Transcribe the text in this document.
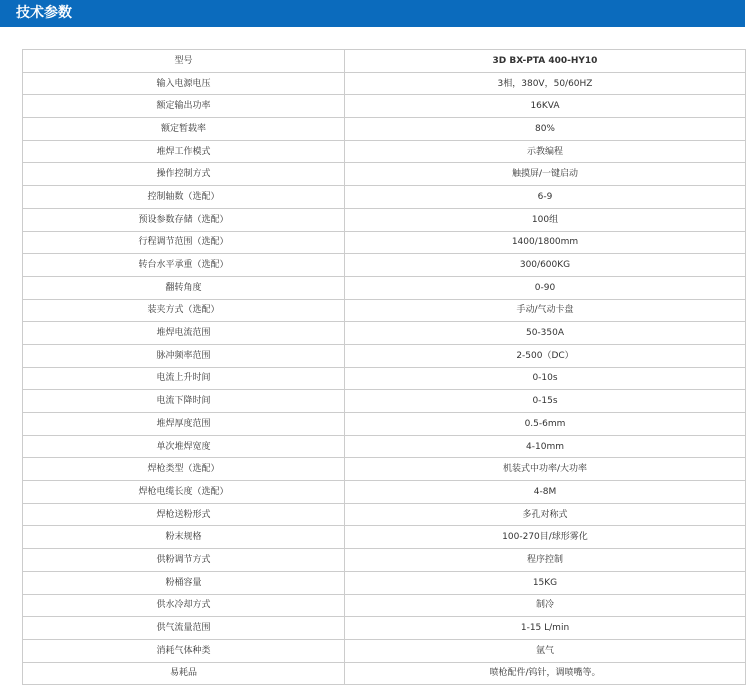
技术参数
型号	3D BX-PTA 400-HY10
输入电源电压	3相，380V，50/60HZ
额定输出功率	16KVA
额定暂载率	80%
堆焊工作模式	示教编程
操作控制方式	触摸屏/一键启动
控制轴数（选配）	6-9
预设参数存储（选配）	100组
行程调节范围（选配）	1400/1800mm
转台水平承重（选配）	300/600KG
翻转角度	0-90
装夹方式（选配）	手动/气动卡盘
堆焊电流范围	50-350A
脉冲频率范围	2-500（DC）
电流上升时间	0-10s
电流下降时间	0-15s
堆焊厚度范围	0.5-6mm
单次堆焊宽度	4-10mm
焊枪类型（选配）	机装式中功率/大功率
焊枪电缆长度（选配）	4-8M
焊枪送粉形式	多孔对称式
粉末规格	100-270目/球形雾化
供粉调节方式	程序控制
粉桶容量	15KG
供水冷却方式	制冷
供气流量范围	1-15 L/min
消耗气体种类	氩气
易耗品	喷枪配件/钨针，调喷嘴等。
